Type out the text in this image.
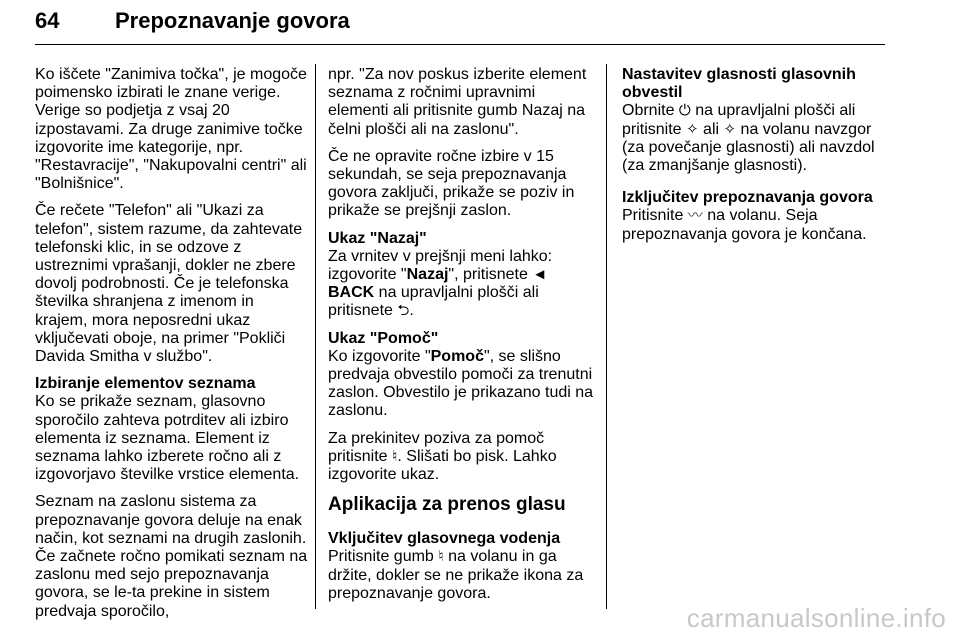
64	Prepoznavanje govora

Ko iščete "Zanimiva točka", je mogoče poimensko izbirati le znane verige. Verige so podjetja z vsaj 20 izpostavami. Za druge zanimive točke izgovorite ime kategorije, npr. "Restavracije", "Nakupovalni centri" ali "Bolnišnice".

Če rečete "Telefon" ali "Ukazi za telefon", sistem razume, da zahtevate telefonski klic, in se odzove z ustreznimi vprašanji, dokler ne zbere dovolj podrobnosti. Če je telefonska številka shranjena z imenom in krajem, mora neposredni ukaz vključevati oboje, na primer "Pokliči Davida Smitha v službo".

Izbiranje elementov seznama

Ko se prikaže seznam, glasovno sporočilo zahteva potrditev ali izbiro elementa iz seznama. Element iz seznama lahko izberete ročno ali z izgovorjavo številke vrstice elementa.

Seznam na zaslonu sistema za prepoznavanje govora deluje na enak način, kot seznami na drugih zaslonih. Če začnete ročno pomikati seznam na zaslonu med sejo prepoznavanja govora, se le-ta prekine in sistem predvaja sporočilo,

npr. "Za nov poskus izberite element seznama z ročnimi upravnimi elementi ali pritisnite gumb Nazaj na čelni plošči ali na zaslonu".

Če ne opravite ročne izbire v 15 sekundah, se seja prepoznavanja govora zaključi, prikaže se poziv in prikaže se prejšnji zaslon.

Ukaz "Nazaj"

Za vrnitev v prejšnji meni lahko: izgovorite "Nazaj", pritisnete ◄
BACK na upravljalni plošči ali pritisnete ⮌.

Ukaz "Pomoč"

Ko izgovorite "Pomoč", se slišno predvaja obvestilo pomoči za trenutni zaslon. Obvestilo je prikazano tudi na zaslonu.

Za prekinitev poziva za pomoč pritisnite ♮. Slišati bo pisk. Lahko izgovorite ukaz.

Aplikacija za prenos glasu
Vključitev glasovnega vodenja

Pritisnite gumb ♮ na volanu in ga držite, dokler se ne prikaže ikona za prepoznavanje govora.

Nastavitev glasnosti glasovnih obvestil

Obrnite ⏻ na upravljalni plošči ali pritisnite ✧ ali ✧ na volanu navzgor (za povečanje glasnosti) ali navzdol (za zmanjšanje glasnosti).

Izključitev prepoznavanja govora

Pritisnite 〰 na volanu. Seja prepoznavanja govora je končana.

carmanualsonline.info
